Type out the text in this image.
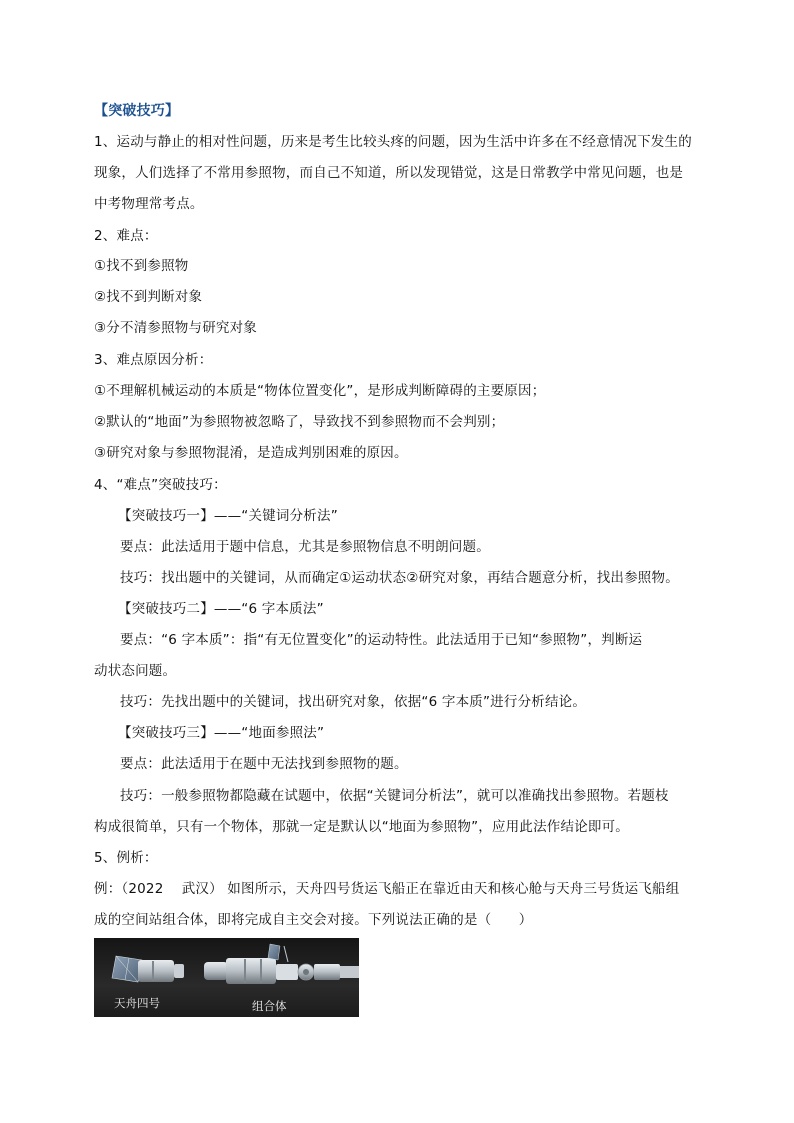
【突破技巧】
1、运动与静止的相对性问题，历来是考生比较头疼的问题，因为生活中许多在不经意情况下发生的
现象，人们选择了不常用参照物，而自己不知道，所以发现错觉，这是日常教学中常见问题，也是
中考物理常考点。
2、难点：
①找不到参照物
②找不到判断对象
③分不清参照物与研究对象
3、难点原因分析：
①不理解机械运动的本质是“物体位置变化”，是形成判断障碍的主要原因；
②默认的“地面”为参照物被忽略了，导致找不到参照物而不会判别；
③研究对象与参照物混淆，是造成判别困难的原因。
4、“难点”突破技巧：
【突破技巧一】——“关键词分析法”
要点：此法适用于题中信息，尤其是参照物信息不明朗问题。
技巧：找出题中的关键词，从而确定①运动状态②研究对象，再结合题意分析，找出参照物。
【突破技巧二】——“6 字本质法”
要点：“6 字本质”：指“有无位置变化”的运动特性。此法适用于已知“参照物”，判断运
动状态问题。
技巧：先找出题中的关键词，找出研究对象，依据“6 字本质”进行分析结论。
【突破技巧三】——“地面参照法”
要点：此法适用于在题中无法找到参照物的题。
技巧：一般参照物都隐藏在试题中，依据“关键词分析法”，就可以准确找出参照物。若题枝
构成很简单，只有一个物体，那就一定是默认以“地面为参照物”，应用此法作结论即可。
5、例析：
例：（2022　 武汉） 如图所示，天舟四号货运飞船正在靠近由天和核心舱与天舟三号货运飞船组
成的空间站组合体，即将完成自主交会对接。下列说法正确的是（　　）
天舟四号	组合体
